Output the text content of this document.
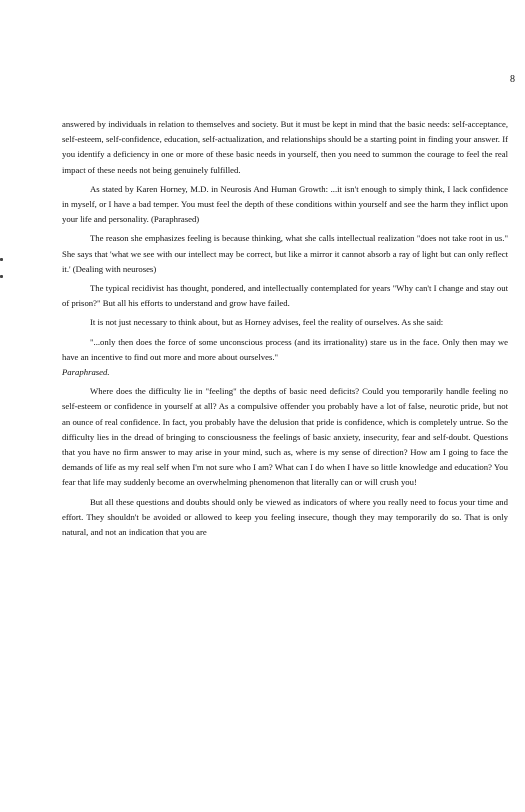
8

answered by individuals in relation to themselves and society. But it must be kept in mind that the basic needs: self-acceptance, self-esteem, self-confidence, education, self-actualization, and relationships should be a starting point in finding your answer. If you identify a deficiency in one or more of these basic needs in yourself, then you need to summon the courage to feel the real impact of these needs not being genuinely fulfilled.

As stated by Karen Horney, M.D. in Neurosis And Human Growth: ...it isn't enough to simply think, I lack confidence in myself, or I have a bad temper. You must feel the depth of these conditions within yourself and see the harm they inflict upon your life and personality. (Paraphrased)

The reason she emphasizes feeling is because thinking, what she calls intellectual realization "does not take root in us." She says that 'what we see with our intellect may be correct, but like a mirror it cannot absorb a ray of light but can only reflect it.' (Dealing with neuroses)

The typical recidivist has thought, pondered, and intellectually contemplated for years "Why can't I change and stay out of prison?" But all his efforts to understand and grow have failed.

It is not just necessary to think about, but as Horney advises, feel the reality of ourselves. As she said:

"...only then does the force of some unconscious process (and its irrationality) stare us in the face. Only then may we have an incentive to find out more and more about ourselves."

Paraphrased.

Where does the difficulty lie in "feeling" the depths of basic need deficits? Could you temporarily handle feeling no self-esteem or confidence in yourself at all? As a compulsive offender you probably have a lot of false, neurotic pride, but not an ounce of real confidence. In fact, you probably have the delusion that pride is confidence, which is completely untrue. So the difficulty lies in the dread of bringing to consciousness the feelings of basic anxiety, insecurity, fear and self-doubt. Questions that you have no firm answer to may arise in your mind, such as, where is my sense of direction? How am I going to face the demands of life as my real self when I'm not sure who I am? What can I do when I have so little knowledge and education? You fear that life may suddenly become an overwhelming phenomenon that literally can or will crush you!

But all these questions and doubts should only be viewed as indicators of where you really need to focus your time and effort. They shouldn't be avoided or allowed to keep you feeling insecure, though they may temporarily do so. That is only natural, and not an indication that you are
